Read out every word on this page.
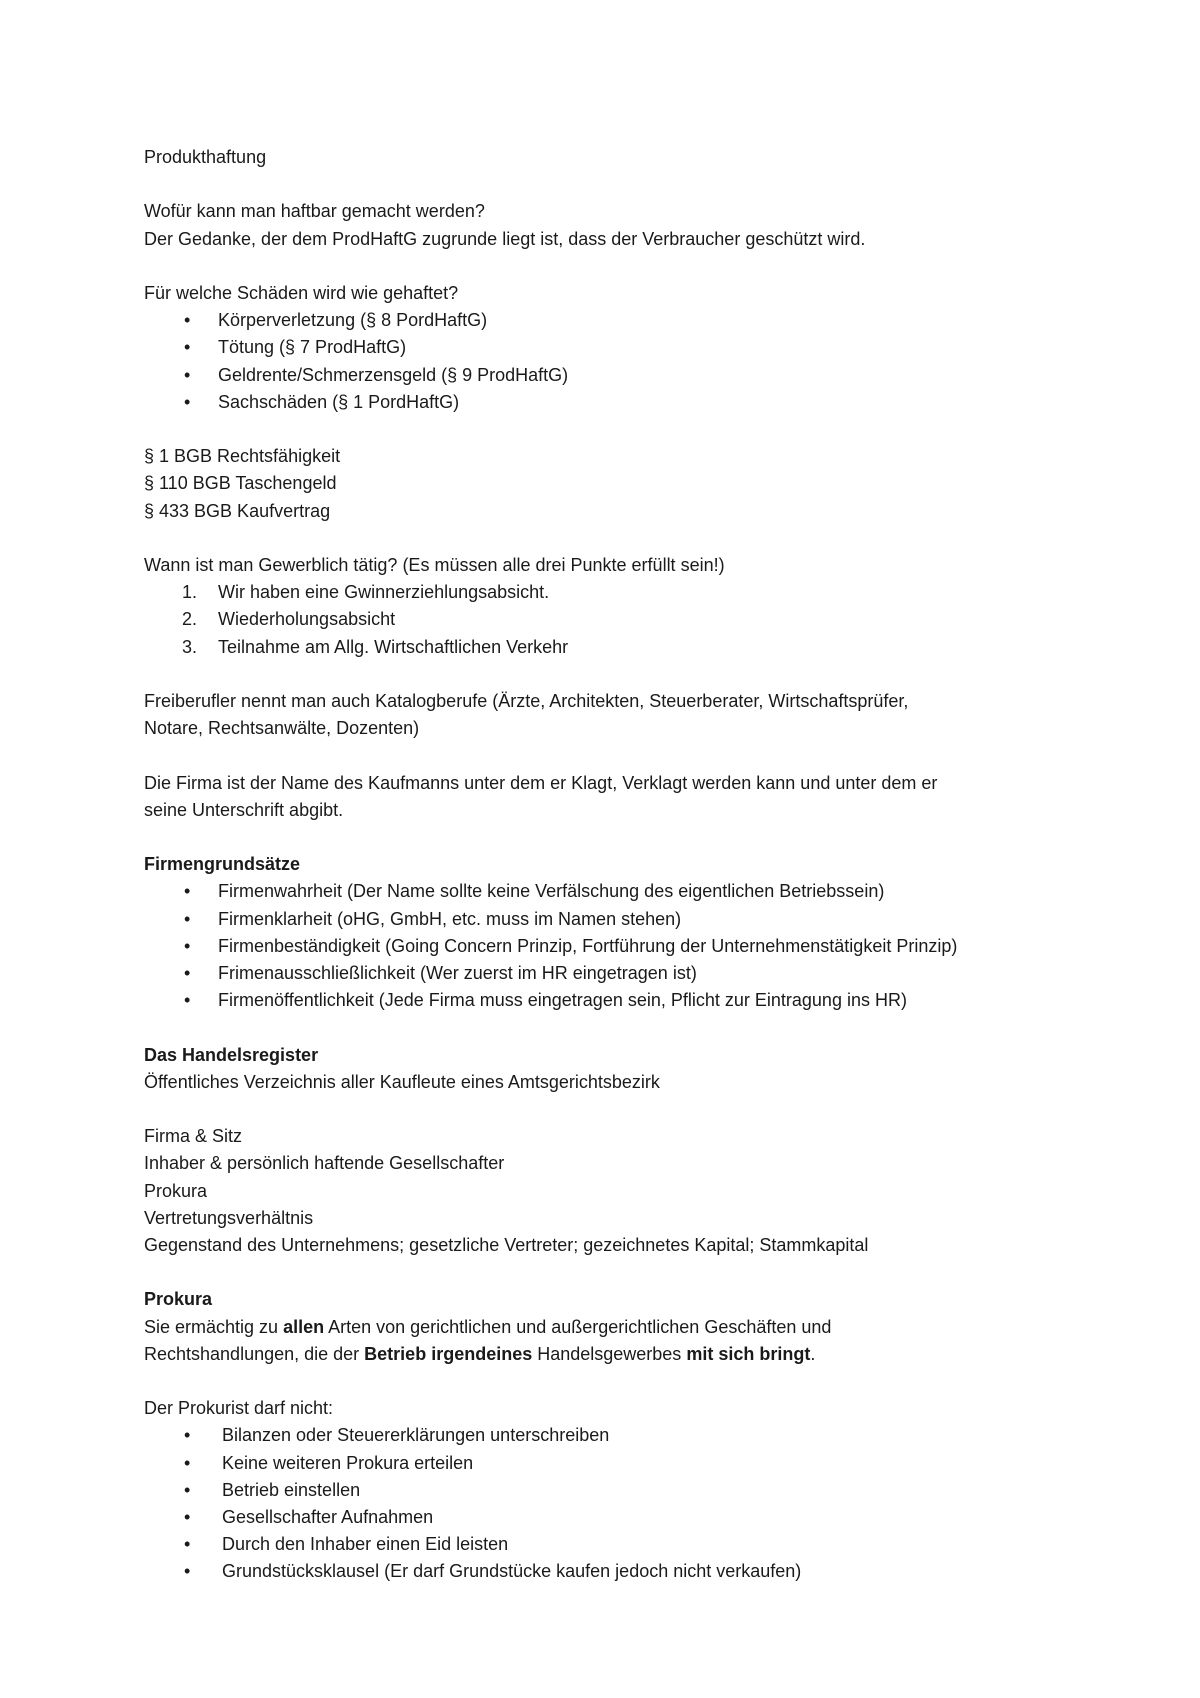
Produkthaftung

Wofür kann man haftbar gemacht werden?

Der Gedanke, der dem ProdHaftG zugrunde liegt ist, dass der Verbraucher geschützt wird.

Für welche Schäden wird wie gehaftet?

•	Körperverletzung (§ 8 PordHaftG)
•	Tötung (§ 7 ProdHaftG)
•	Geldrente/Schmerzensgeld (§ 9 ProdHaftG)
•	Sachschäden (§ 1 PordHaftG)

§ 1 BGB Rechtsfähigkeit

§ 110 BGB Taschengeld

§ 433 BGB Kaufvertrag

Wann ist man Gewerblich tätig? (Es müssen alle drei Punkte erfüllt sein!)

1.	Wir haben eine Gwinnerziehlungsabsicht.
2.	Wiederholungsabsicht
3.	Teilnahme am Allg. Wirtschaftlichen Verkehr

Freiberufler nennt man auch Katalogberufe (Ärzte, Architekten, Steuerberater, Wirtschaftsprüfer,

Notare, Rechtsanwälte, Dozenten)

Die Firma ist der Name des Kaufmanns unter dem er Klagt, Verklagt werden kann und unter dem er

seine Unterschrift abgibt.

Firmengrundsätze

•	Firmenwahrheit (Der Name sollte keine Verfälschung des eigentlichen Betriebssein)
•	Firmenklarheit (oHG, GmbH, etc. muss im Namen stehen)
•	Firmenbeständigkeit (Going Concern Prinzip, Fortführung der Unternehmenstätigkeit Prinzip)
•	Frimenausschließlichkeit (Wer zuerst im HR eingetragen ist)
•	Firmenöffentlichkeit (Jede Firma muss eingetragen sein, Pflicht zur Eintragung ins HR)

Das Handelsregister

Öffentliches Verzeichnis aller Kaufleute eines Amtsgerichtsbezirk

Firma & Sitz

Inhaber & persönlich haftende Gesellschafter

Prokura

Vertretungsverhältnis

Gegenstand des Unternehmens; gesetzliche Vertreter; gezeichnetes Kapital; Stammkapital

Prokura

Sie ermächtig zu allen Arten von gerichtlichen und außergerichtlichen Geschäften und

Rechtshandlungen, die der Betrieb irgendeines Handelsgewerbes mit sich bringt.

Der Prokurist darf nicht:

•	Bilanzen oder Steuererklärungen unterschreiben
•	Keine weiteren Prokura erteilen
•	Betrieb einstellen
•	Gesellschafter Aufnahmen
•	Durch den Inhaber einen Eid leisten
•	Grundstücksklausel (Er darf Grundstücke kaufen jedoch nicht verkaufen)
